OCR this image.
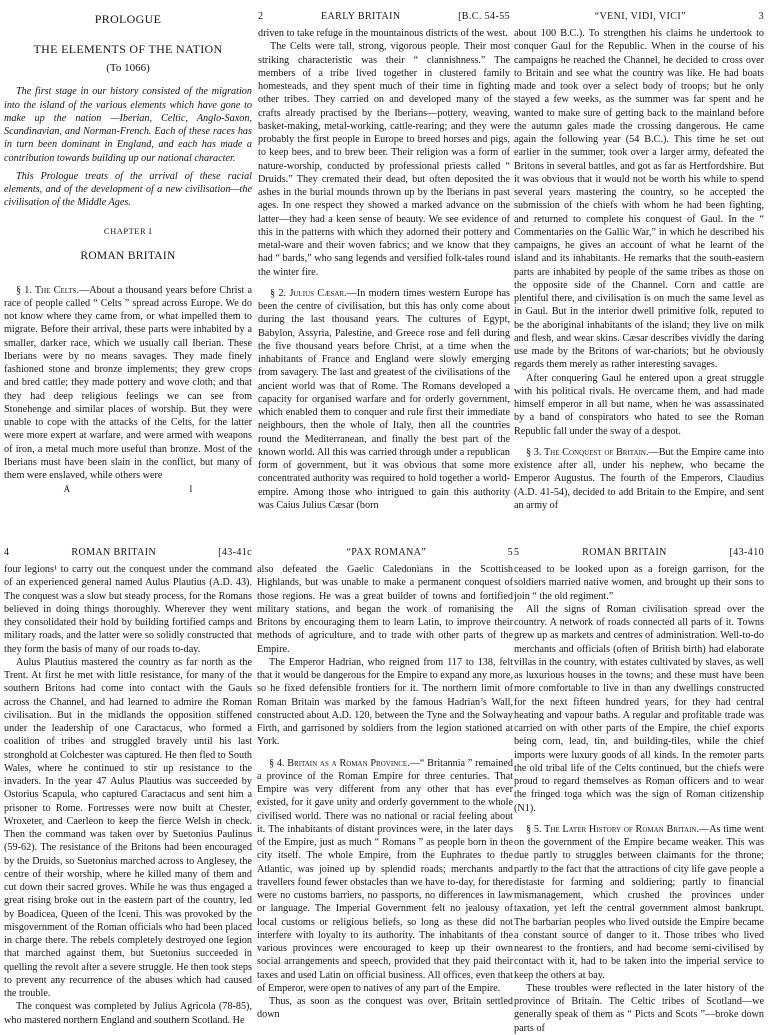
PROLOGUE
THE ELEMENTS OF THE NATION
(To 1066)

The first stage in our history consisted of the migration into the island of the various elements which have gone to make up the nation —Iberian, Celtic, Anglo-Saxon, Scandinavian, and Norman-French. Each of these races has in turn been dominant in England, and each has made a contribution towards building up our national character.

This Prologue treats of the arrival of these racial elements, and of the development of a new civilisation—the civilisation of the Middle Ages.

CHAPTER I
ROMAN BRITAIN

§ 1. The Celts.—About a thousand years before Christ a race of people called “ Celts ” spread across Europe. We do not know where they came from, or what impelled them to migrate. Before their arrival, these parts were inhabited by a smaller, darker race, which we usually call Iberian. These Iberians were by no means savages. They made finely fashioned stone and bronze implements; they grew crops and bred cattle; they made pottery and wove cloth; and that they had deep religious feelings we can see from Stonehenge and similar places of worship. But they were unable to cope with the attacks of the Celts, for the latter were more expert at warfare, and were armed with weapons of iron, a metal much more useful than bronze. Most of the Iberians must have been slain in the conflict, but many of them were enslaved, while others were

A	I
2	EARLY BRITAIN	[B.C. 54-55

driven to take refuge in the mountainous districts of the west.

The Celts were tall, strong, vigorous people. Their most striking characteristic was their “ clannishness.” The members of a tribe lived together in clustered family homesteads, and they spent much of their time in fighting other tribes. They carried on and developed many of the crafts already practised by the Iberians—pottery, weaving, basket-making, metal-working, cattle-rearing; and they were probably the first people in Europe to breed horses and pigs, to keep bees, and to brew beer. Their religion was a form of nature-worship, conducted by professional priests called “ Druids.” They cremated their dead, but often deposited the ashes in the burial mounds thrown up by the Iberians in past ages. In one respect they showed a marked advance on the latter—they had a keen sense of beauty. We see evidence of this in the patterns with which they adorned their pottery and metal-ware and their woven fabrics; and we know that they had “ bards,” who sang legends and versified folk-tales round the winter fire.

§ 2. Julius Cæsar.—In modern times western Europe has been the centre of civilisation, but this has only come about during the last thousand years. The cultures of Egypt, Babylon, Assyria, Palestine, and Greece rose and fell during the five thousand years before Christ, at a time when the inhabitants of France and England were slowly emerging from savagery. The last and greatest of the civilisations of the ancient world was that of Rome. The Romans developed a capacity for organised warfare and for orderly government, which enabled them to conquer and rule first their immediate neighbours, then the whole of Italy, then all the countries round the Mediterranean, and finally the best part of the known world. All this was carried through under a republican form of government, but it was obvious that some more concentrated authority was required to hold together a world-empire. Among those who intrigued to gain this authority was Caius Julius Cæsar (born

“VENI, VIDI, VICI”	3

about 100 B.C.). To strengthen his claims he undertook to conquer Gaul for the Republic. When in the course of his campaigns he reached the Channel, he decided to cross over to Britain and see what the country was like. He had boats made and took over a select body of troops; but he only stayed a few weeks, as the summer was far spent and he wanted to make sure of getting back to the mainland before the autumn gales made the crossing dangerous. He came again the following year (54 B.C.). This time he set out earlier in the summer, took over a larger army, defeated the Britons in several battles, and got as far as Hertfordshire. But it was obvious that it would not be worth his while to spend several years mastering the country, so he accepted the submission of the chiefs with whom he had been fighting, and returned to complete his conquest of Gaul. In the “ Commentaries on the Gallic War,” in which he described his campaigns, he gives an account of what he learnt of the island and its inhabitants. He remarks that the south-eastern parts are inhabited by people of the same tribes as those on the opposite side of the Channel. Corn and cattle are plentiful there, and civilisation is on much the same level as in Gaul. But in the interior dwell primitive folk, reputed to be the aboriginal inhabitants of the island; they live on milk and flesh, and wear skins. Cæsar describes vividly the daring use made by the Britons of war-chariots; but he obviously regards them merely as rather interesting savages.

After conquering Gaul he entered upon a great struggle with his political rivals. He overcame them, and had made himself emperor in all but name, when he was assassinated by a band of conspirators who hated to see the Roman Republic fall under the sway of a despot.

§ 3. The Conquest of Britain.—But the Empire came into existence after all, under his nephew, who became the Emperor Augustus. The fourth of the Emperors, Claudius (A.D. 41-54), decided to add Britain to the Empire, and sent an army of

4	ROMAN BRITAIN	[43-41c

four legions¹ to carry out the conquest under the command of an experienced general named Aulus Plautius (A.D. 43). The conquest was a slow but steady process, for the Romans believed in doing things thoroughly. Wherever they went they consolidated their hold by building fortified camps and military roads, and the latter were so solidly constructed that they form the basis of many of our roads to-day.

Aulus Plautius mastered the country as far north as the Trent. At first he met with little resistance, for many of the southern Britons had come into contact with the Gauls across the Channel, and had learned to admire the Roman civilisation. But in the midlands the opposition stiffened under the leadership of one Caractacus, who formed a coalition of tribes and struggled bravely until his last stronghold at Colchester was captured. He then fled to South Wales, where he continued to stir up resistance to the invaders. In the year 47 Aulus Plautius was succeeded by Ostorius Scapula, who captured Caractacus and sent him a prisoner to Rome. Fortresses were now built at Chester, Wroxeter, and Caerleon to keep the fierce Welsh in check. Then the command was taken over by Suetonius Paulinus (59-62). The resistance of the Britons had been encouraged by the Druids, so Suetonius marched across to Anglesey, the centre of their worship, where he killed many of them and cut down their sacred groves. While he was thus engaged a great rising broke out in the eastern part of the country, led by Boadicea, Queen of the Iceni. This was provoked by the misgovernment of the Roman officials who had been placed in charge there. The rebels completely destroyed one legion that marched against them, but Suetonius succeeded in quelling the revolt after a severe struggle. He then took steps to prevent any recurrence of the abuses which had caused the trouble.

The conquest was completed by Julius Agricola (78-85), who mastered northern England and southern Scotland. He

“PAX ROMANA”	5

also defeated the Gaelic Caledonians in the Scottish Highlands, but was unable to make a permanent conquest of those regions. He was a great builder of towns and fortified military stations, and began the work of romanising the Britons by encouraging them to learn Latin, to improve their methods of agriculture, and to trade with other parts of the Empire.

The Emperor Hadrian, who reigned from 117 to 138, felt that it would be dangerous for the Empire to expand any more, so he fixed defensible frontiers for it. The northern limit of Roman Britain was marked by the famous Hadrian’s Wall, constructed about A.D. 120, between the Tyne and the Solway Firth, and garrisoned by soldiers from the legion stationed at York.

§ 4. Britain as a Roman Province.—“ Britannia ” remained a province of the Roman Empire for three centuries. That Empire was very different from any other that has ever existed, for it gave unity and orderly government to the whole civilised world. There was no national or racial feeling about it. The inhabitants of distant provinces were, in the later days of the Empire, just as much “ Romans ” as people born in the city itself. The whole Empire, from the Euphrates to the Atlantic, was joined up by splendid roads; merchants and travellers found fewer obstacles than we have to-day, for there were no customs barriers, no passports, no differences in law or language. The Imperial Government felt no jealousy of local customs or religious beliefs, so long as these did not interfere with loyalty to its authority. The inhabitants of the various provinces were encouraged to keep up their own social arrangements and speech, provided that they paid their taxes and used Latin on official business. All offices, even that of Emperor, were open to natives of any part of the Empire.

Thus, as soon as the conquest was over, Britain settled down

5	ROMAN BRITAIN	[43-410

ceased to be looked upon as a foreign garrison, for the soldiers married native women, and brought up their sons to join “ the old regiment.”

All the signs of Roman civilisation spread over the country. A network of roads connected all parts of it. Towns grew up as markets and centres of administration. Well-to-do merchants and officials (often of British birth) had elaborate villas in the country, with estates cultivated by slaves, as well as luxurious houses in the towns; and these must have been more comfortable to live in than any dwellings constructed for the next fifteen hundred years, for they had central heating and vapour baths. A regular and profitable trade was carried on with other parts of the Empire, the chief exports being corn, lead, tin, and building-tiles, while the chief imports were luxury goods of all kinds. In the remoter parts the old tribal life of the Celts continued, but the chiefs were proud to regard themselves as Roman officers and to wear the fringed toga which was the sign of Roman citizenship (N1).

§ 5. The Later History of Roman Britain.—As time went on the government of the Empire became weaker. This was due partly to struggles between claimants for the throne; partly to the fact that the attractions of city life gave people a distaste for farming and soldiering; partly to financial mismanagement, which crushed the provinces under taxation, yet left the central government almost bankrupt. The barbarian peoples who lived outside the Empire became a constant source of danger to it. Those tribes who lived nearest to the frontiers, and had become semi-civilised by contact with it, had to be taken into the imperial service to keep the others at bay.

These troubles were reflected in the later history of the province of Britain. The Celtic tribes of Scotland—we generally speak of them as “ Picts and Scots ”—broke down parts of
